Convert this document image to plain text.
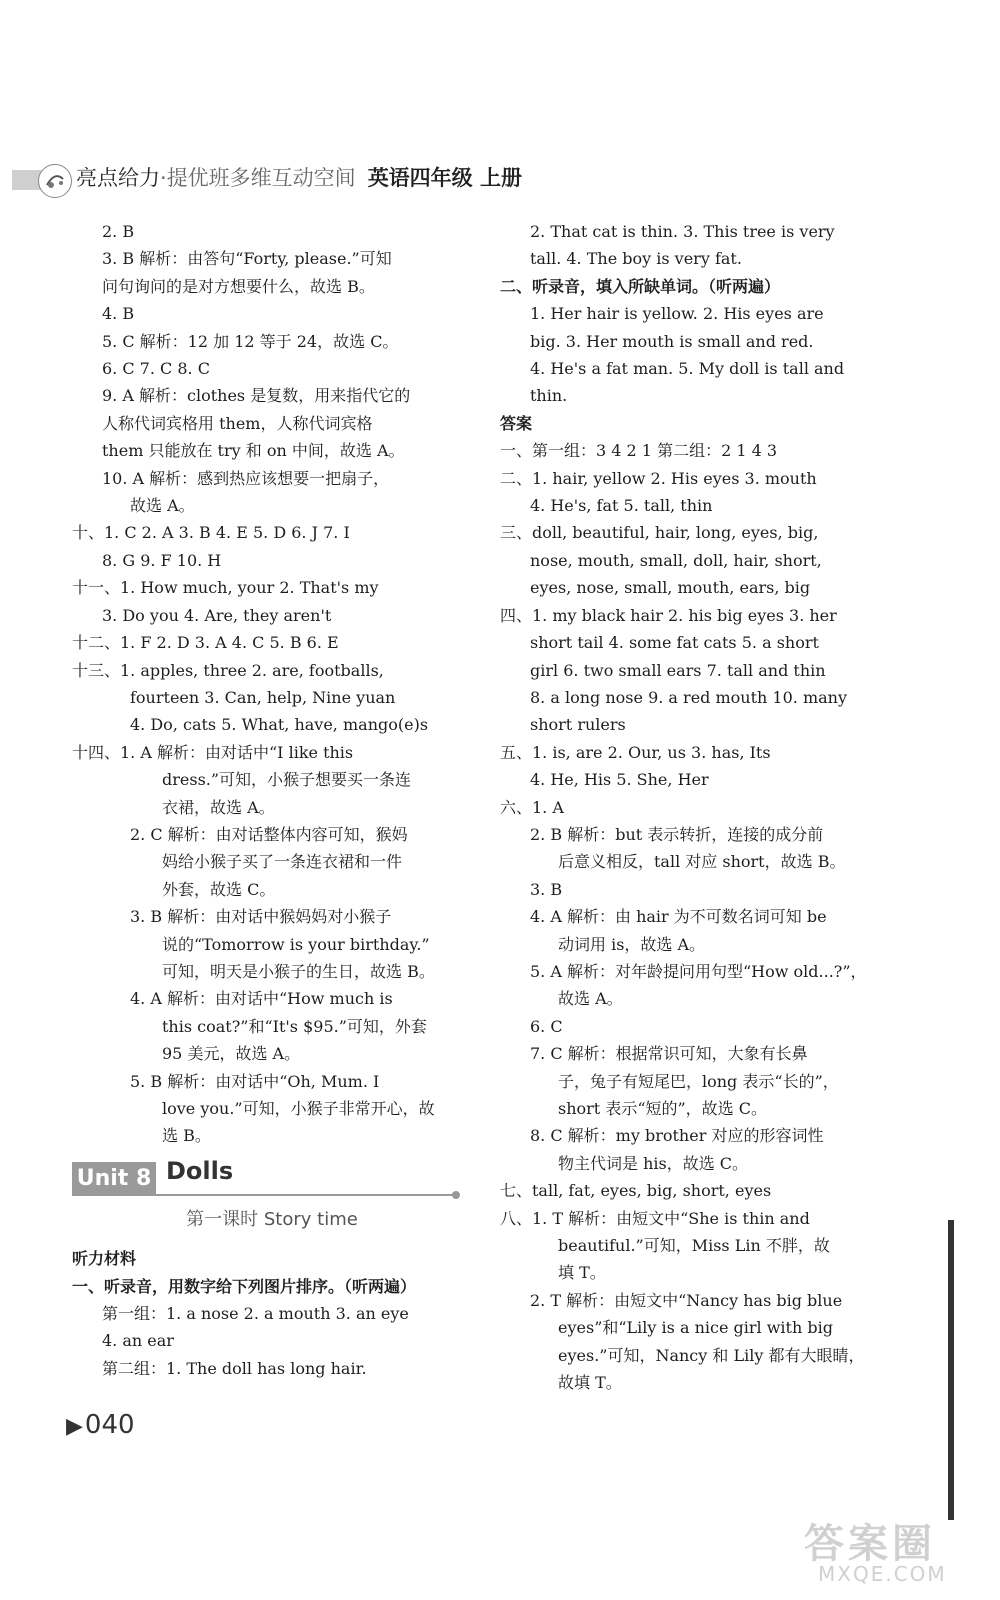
亮点给力·提优班多维互动空间 英语四年级 上册
2. B
3. B 解析：由答句“Forty, please.”可知
问句询问的是对方想要什么，故选 B。
4. B
5. C 解析：12 加 12 等于 24，故选 C。
6. C 7. C 8. C
9. A 解析：clothes 是复数，用来指代它的
人称代词宾格用 them，人称代词宾格
them 只能放在 try 和 on 中间，故选 A。
10. A 解析：感到热应该想要一把扇子，
故选 A。
十、1. C 2. A 3. B 4. E 5. D 6. J 7. I
8. G 9. F 10. H
十一、1. How much, your 2. That's my
3. Do you 4. Are, they aren't
十二、1. F 2. D 3. A 4. C 5. B 6. E
十三、1. apples, three 2. are, footballs,
fourteen 3. Can, help, Nine yuan
4. Do, cats 5. What, have, mango(e)s
十四、1. A 解析：由对话中“I like this
dress.”可知，小猴子想要买一条连
衣裙，故选 A。
2. C 解析：由对话整体内容可知，猴妈
妈给小猴子买了一条连衣裙和一件
外套，故选 C。
3. B 解析：由对话中猴妈妈对小猴子
说的“Tomorrow is your birthday.”
可知，明天是小猴子的生日，故选 B。
4. A 解析：由对话中“How much is
this coat?”和“It's $95.”可知，外套
95 美元，故选 A。
5. B 解析：由对话中“Oh, Mum. I
love you.”可知，小猴子非常开心，故
选 B。
Unit 8 Dolls
第一课时 Story time
听力材料
一、听录音，用数字给下列图片排序。（听两遍）
第一组：1. a nose 2. a mouth 3. an eye
4. an ear
第二组：1. The doll has long hair.
2. That cat is thin. 3. This tree is very
tall. 4. The boy is very fat.
二、听录音，填入所缺单词。（听两遍）
1. Her hair is yellow. 2. His eyes are
big. 3. Her mouth is small and red.
4. He's a fat man. 5. My doll is tall and
thin.
答案
一、第一组：3 4 2 1 第二组：2 1 4 3
二、1. hair, yellow 2. His eyes 3. mouth
4. He's, fat 5. tall, thin
三、doll, beautiful, hair, long, eyes, big,
nose, mouth, small, doll, hair, short,
eyes, nose, small, mouth, ears, big
四、1. my black hair 2. his big eyes 3. her
short tail 4. some fat cats 5. a short
girl 6. two small ears 7. tall and thin
8. a long nose 9. a red mouth 10. many
short rulers
五、1. is, are 2. Our, us 3. has, Its
4. He, His 5. She, Her
六、1. A
2. B 解析：but 表示转折，连接的成分前
后意义相反，tall 对应 short，故选 B。
3. B
4. A 解析：由 hair 为不可数名词可知 be
动词用 is，故选 A。
5. A 解析：对年龄提问用句型“How old...?”，
故选 A。
6. C
7. C 解析：根据常识可知，大象有长鼻
子，兔子有短尾巴，long 表示“长的”，
short 表示“短的”，故选 C。
8. C 解析：my brother 对应的形容词性
物主代词是 his，故选 C。
七、tall, fat, eyes, big, short, eyes
八、1. T 解析：由短文中“She is thin and
beautiful.”可知，Miss Lin 不胖，故
填 T。
2. T 解析：由短文中“Nancy has big blue
eyes”和“Lily is a nice girl with big
eyes.”可知，Nancy 和 Lily 都有大眼睛，
故填 T。
▶040
答案圈
MXQE.COM
